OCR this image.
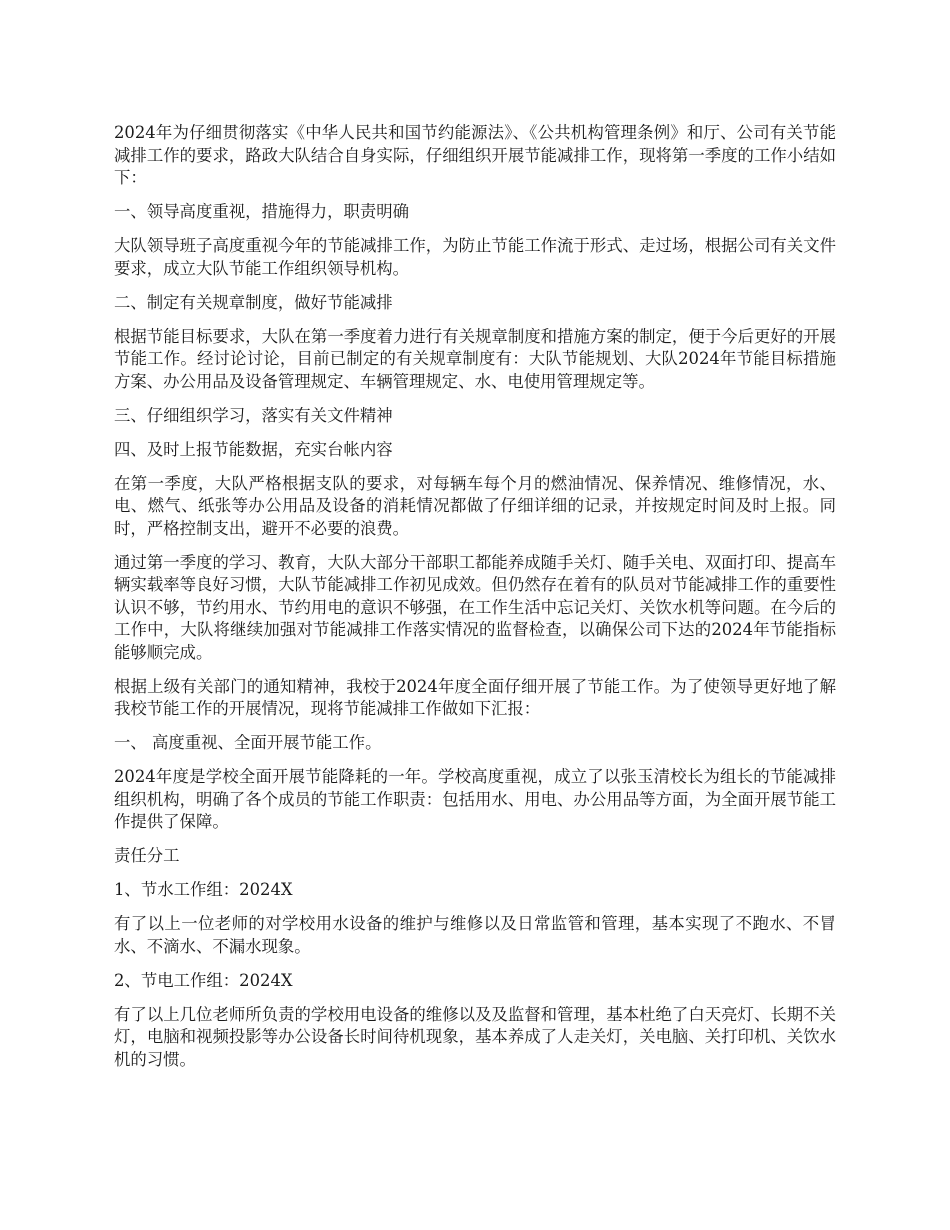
2024年为仔细贯彻落实《中华人民共和国节约能源法》、《公共机构管理条例》和厅、公司有关节能减排工作的要求，路政大队结合自身实际，仔细组织开展节能减排工作，现将第一季度的工作小结如下：

一、领导高度重视，措施得力，职责明确

大队领导班子高度重视今年的节能减排工作，为防止节能工作流于形式、走过场，根据公司有关文件要求，成立大队节能工作组织领导机构。

二、制定有关规章制度，做好节能减排

根据节能目标要求，大队在第一季度着力进行有关规章制度和措施方案的制定，便于今后更好的开展节能工作。经讨论讨论，目前已制定的有关规章制度有：大队节能规划、大队2024年节能目标措施方案、办公用品及设备管理规定、车辆管理规定、水、电使用管理规定等。

三、仔细组织学习，落实有关文件精神

四、及时上报节能数据，充实台帐内容

在第一季度，大队严格根据支队的要求，对每辆车每个月的燃油情况、保养情况、维修情况，水、电、燃气、纸张等办公用品及设备的消耗情况都做了仔细详细的记录，并按规定时间及时上报。同时，严格控制支出，避开不必要的浪费。

通过第一季度的学习、教育，大队大部分干部职工都能养成随手关灯、随手关电、双面打印、提高车辆实载率等良好习惯，大队节能减排工作初见成效。但仍然存在着有的队员对节能减排工作的重要性认识不够，节约用水、节约用电的意识不够强，在工作生活中忘记关灯、关饮水机等问题。在今后的工作中，大队将继续加强对节能减排工作落实情况的监督检查，以确保公司下达的2024年节能指标能够顺完成。

根据上级有关部门的通知精神，我校于2024年度全面仔细开展了节能工作。为了使领导更好地了解我校节能工作的开展情况，现将节能减排工作做如下汇报：

一、 高度重视、全面开展节能工作。

2024年度是学校全面开展节能降耗的一年。学校高度重视，成立了以张玉清校长为组长的节能减排组织机构，明确了各个成员的节能工作职责：包括用水、用电、办公用品等方面，为全面开展节能工作提供了保障。

责任分工

1、节水工作组：2024X

有了以上一位老师的对学校用水设备的维护与维修以及日常监管和管理，基本实现了不跑水、不冒水、不滴水、不漏水现象。

2、节电工作组：2024X

有了以上几位老师所负责的学校用电设备的维修以及及监督和管理，基本杜绝了白天亮灯、长期不关灯，电脑和视频投影等办公设备长时间待机现象，基本养成了人走关灯，关电脑、关打印机、关饮水机的习惯。
